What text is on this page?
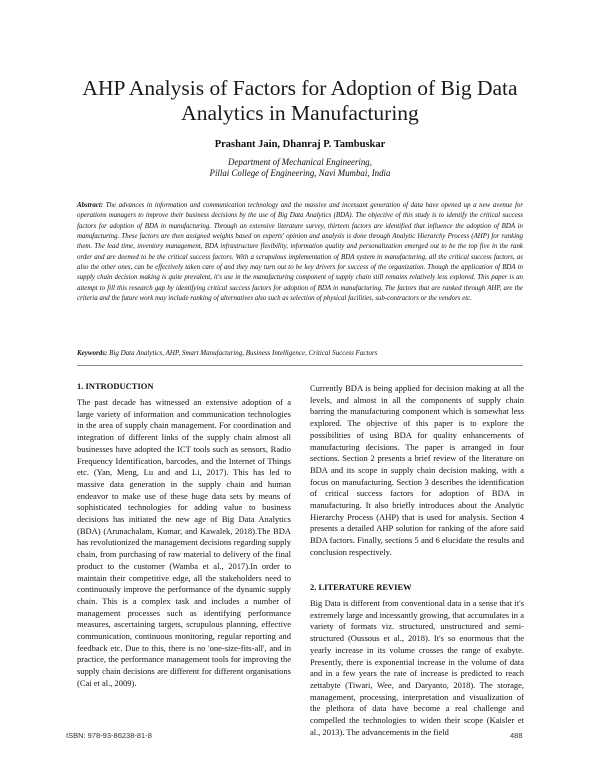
AHP Analysis of Factors for Adoption of Big Data Analytics in Manufacturing
Prashant Jain, Dhanraj P. Tambuskar
Department of Mechanical Engineering,
Pillai College of Engineering, Navi Mumbai, India
Abstract: The advances in information and communication technology and the massive and incessant generation of data have opened up a new avenue for operations managers to improve their business decisions by the use of Big Data Analytics (BDA). The objective of this study is to identify the critical success factors for adoption of BDA in manufacturing. Through an extensive literature survey, thirteen factors are identified that influence the adoption of BDA in manufacturing. These factors are then assigned weights based on experts' opinion and analysis is done through Analytic Hierarchy Process (AHP) for ranking them. The lead time, inventory management, BDA infrastructure flexibility, information quality and personalization emerged out to be the top five in the rank order and are deemed to be the critical success factors. With a scrupulous implementation of BDA system in manufacturing, all the critical success factors, as also the other ones, can be effectively taken care of and they may turn out to be key drivers for success of the organization. Though the application of BDA in supply chain decision making is quite prevalent, it's use in the manufacturing component of supply chain still remains relatively less explored. This paper is an attempt to fill this research gap by identifying critical success factors for adoption of BDA in manufacturing. The factors that are ranked through AHP, are the criteria and the future work may include ranking of alternatives also such as selection of physical facilities, sub-contractors or the vendors etc.
Keywords: Big Data Analytics, AHP, Smart Manufacturing, Business Intelligence, Critical Success Factors
1. INTRODUCTION
The past decade has witnessed an extensive adoption of a large variety of information and communication technologies in the area of supply chain management. For coordination and integration of different links of the supply chain almost all businesses have adopted the ICT tools such as sensors, Radio Frequency Identification, barcodes, and the Internet of Things etc. (Yan, Meng, Lu and and Li, 2017). This has led to massive data generation in the supply chain and human endeavor to make use of these huge data sets by means of sophisticated technologies for adding value to business decisions has initiated the new age of Big Data Analytics (BDA) (Arunachalam, Kumar, and Kawalek, 2018).The BDA has revolutionized the management decisions regarding supply chain, from purchasing of raw material to delivery of the final product to the customer (Wamba et al., 2017).In order to maintain their competitive edge, all the stakeholders need to continuously improve the performance of the dynamic supply chain. This is a complex task and includes a number of management processes such as identifying performance measures, ascertaining targets, scrupulous planning, effective communication, continuous monitoring, regular reporting and feedback etc. Due to this, there is no 'one-size-fits-all', and in practice, the performance management tools for improving the supply chain decisions are different for different organisations (Cai et al., 2009).
Currently BDA is being applied for decision making at all the levels, and almost in all the components of supply chain barring the manufacturing component which is somewhat less explored. The objective of this paper is to explore the possibilities of using BDA for quality enhancements of manufacturing decisions. The paper is arranged in four sections. Section 2 presents a brief review of the literature on BDA and its scope in supply chain decision making, with a focus on manufacturing. Section 3 describes the identification of critical success factors for adoption of BDA in manufacturing. It also briefly introduces about the Analytic Hierarchy Process (AHP) that is used for analysis. Section 4 presents a detailed AHP solution for ranking of the afore said BDA factors. Finally, sections 5 and 6 elucidate the results and conclusion respectively.
2. LITERATURE REVIEW
Big Data is different from conventional data in a sense that it's extremely large and incessantly growing, that accumulates in a variety of formats viz. structured, unstructured and semi-structured (Oussous et al., 2018). It's so enormous that the yearly increase in its volume crosses the range of exabyte. Presently, there is exponential increase in the volume of data and in a few years the rate of increase is predicted to reach zettabyte (Tiwari, Wee, and Daryanto, 2018). The storage, management, processing, interpretation and visualization of the plethora of data have become a real challenge and compelled the technologies to widen their scope (Kaisler et al., 2013). The advancements in the field
ISBN: 978-93-86238-81-8	488
